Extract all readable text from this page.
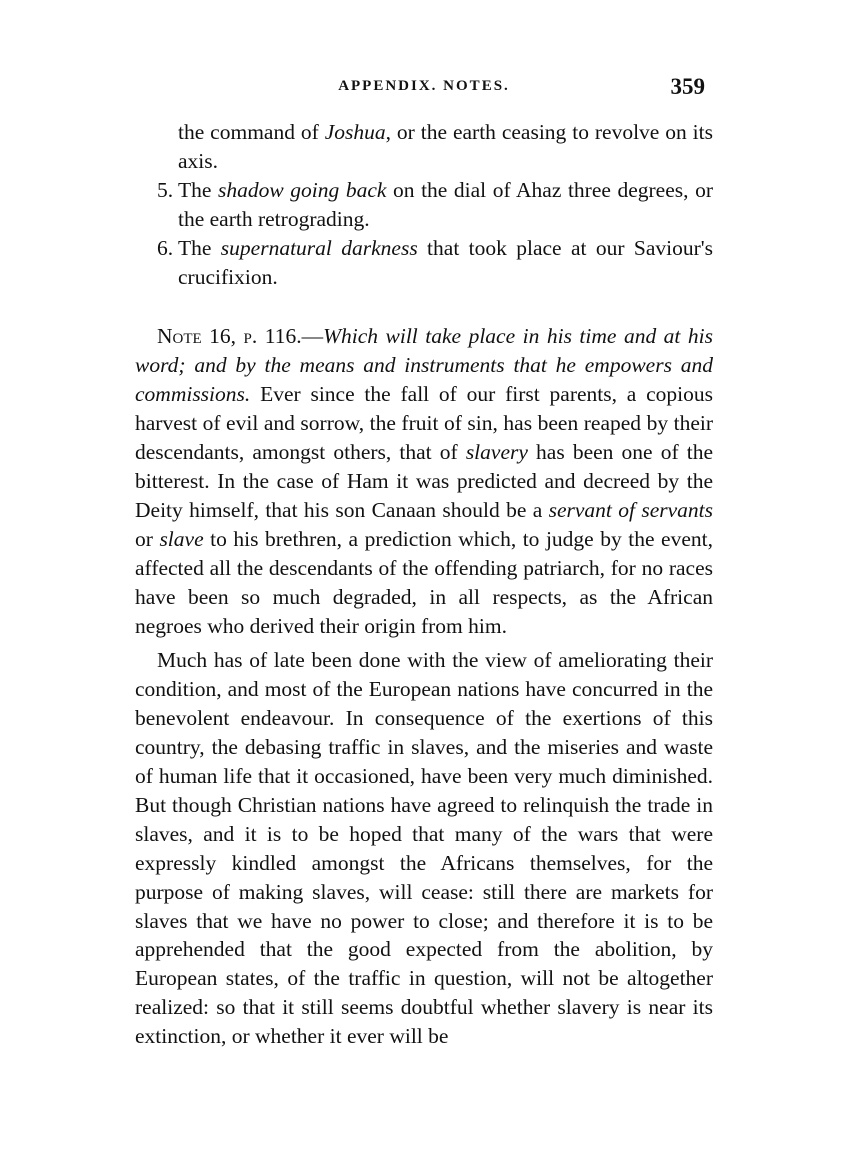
APPENDIX. NOTES.	359
the command of Joshua, or the earth ceasing to revolve on its axis.
5. The shadow going back on the dial of Ahaz three degrees, or the earth retrograding.
6. The supernatural darkness that took place at our Saviour's crucifixion.

Note 16, p. 116.—Which will take place in his time and at his word; and by the means and instruments that he empowers and commissions. Ever since the fall of our first parents, a copious harvest of evil and sorrow, the fruit of sin, has been reaped by their descendants, amongst others, that of slavery has been one of the bitterest. In the case of Ham it was predicted and decreed by the Deity himself, that his son Canaan should be a servant of servants or slave to his brethren, a prediction which, to judge by the event, affected all the descendants of the offending patriarch, for no races have been so much degraded, in all respects, as the African negroes who derived their origin from him.

Much has of late been done with the view of ameliorating their condition, and most of the European nations have concurred in the benevolent endeavour. In consequence of the exertions of this country, the debasing traffic in slaves, and the miseries and waste of human life that it occasioned, have been very much diminished. But though Christian nations have agreed to relinquish the trade in slaves, and it is to be hoped that many of the wars that were expressly kindled amongst the Africans themselves, for the purpose of making slaves, will cease: still there are markets for slaves that we have no power to close; and therefore it is to be apprehended that the good expected from the abolition, by European states, of the traffic in question, will not be altogether realized: so that it still seems doubtful whether slavery is near its extinction, or whether it ever will be
